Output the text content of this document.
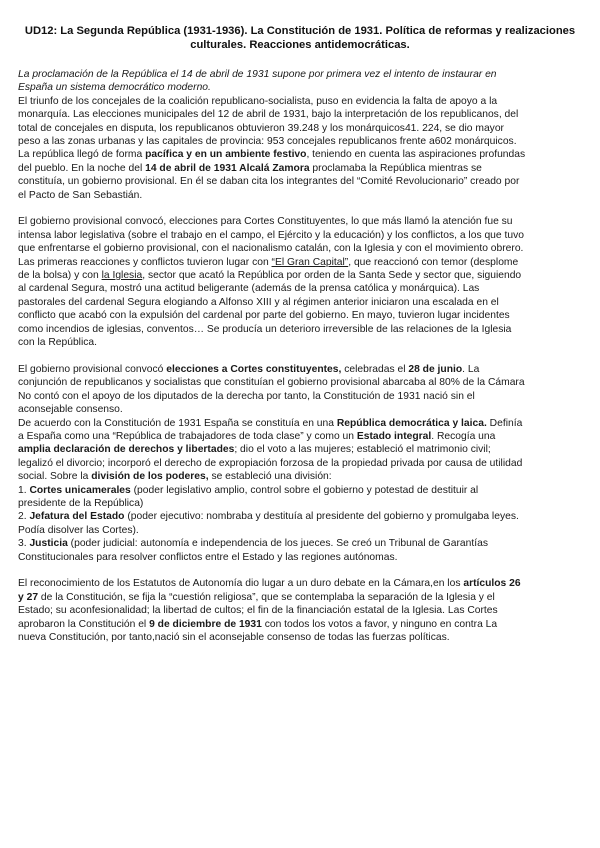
UD12: La Segunda República (1931-1936). La Constitución de 1931. Política de reformas y realizaciones culturales. Reacciones antidemocráticas.

La proclamación de la República el 14 de abril de 1931 supone por primera vez el intento de instaurar en España un sistema democrático moderno.

El triunfo de los concejales de la coalición republicano-socialista, puso en evidencia la falta de apoyo a la monarquía. Las elecciones municipales del 12 de abril de 1931, bajo la interpretación de los republicanos, del total de concejales en disputa, los republicanos obtuvieron 39.248 y los monárquicos41. 224, se dio mayor peso a las zonas urbanas y las capitales de provincia: 953 concejales republicanos frente a602 monárquicos.

La república llegó de forma pacífica y en un ambiente festivo, teniendo en cuenta las aspiraciones profundas del pueblo. En la noche del 14 de abril de 1931 Alcalá Zamora proclamaba la República mientras se constituía, un gobierno provisional. En él se daban cita los integrantes del “Comité Revolucionario” creado por el Pacto de San Sebastián.

El gobierno provisional convocó, elecciones para Cortes Constituyentes, lo que más llamó la atención fue su intensa labor legislativa (sobre el trabajo en el campo, el Ejército y la educación) y los conflictos, a los que tuvo que enfrentarse el gobierno provisional, con el nacionalismo catalán, con la Iglesia y con el movimiento obrero.

Las primeras reacciones y conflictos tuvieron lugar con “El Gran Capital”, que reaccionó con temor (desplome de la bolsa) y con la Iglesia, sector que acató la República por orden de la Santa Sede y sector que, siguiendo al cardenal Segura, mostró una actitud beligerante (además de la prensa católica y monárquica). Las pastorales del cardenal Segura elogiando a Alfonso XIII y al régimen anterior iniciaron una escalada en el conflicto que acabó con la expulsión del cardenal por parte del gobierno. En mayo, tuvieron lugar incidentes como incendios de iglesias, conventos… Se producía un deterioro irreversible de las relaciones de la Iglesia con la República.

El gobierno provisional convocó elecciones a Cortes constituyentes, celebradas el 28 de junio. La conjunción de republicanos y socialistas que constituían el gobierno provisional abarcaba al 80% de la Cámara No contó con el apoyo de los diputados de la derecha por tanto, la Constitución de 1931 nació sin el aconsejable consenso.

De acuerdo con la Constitución de 1931 España se constituía en una República democrática y laica. Definía a España como una “República de trabajadores de toda clase” y como un Estado integral. Recogía una amplia declaración de derechos y libertades; dio el voto a las mujeres; estableció el matrimonio civil; legalizó el divorcio; incorporó el derecho de expropiación forzosa de la propiedad privada por causa de utilidad social. Sobre la división de los poderes, se estableció una división:

1. Cortes unicamerales (poder legislativo amplio, control sobre el gobierno y potestad de destituir al presidente de la República)

2. Jefatura del Estado (poder ejecutivo: nombraba y destituía al presidente del gobierno y promulgaba leyes. Podía disolver las Cortes).

3. Justicia (poder judicial: autonomía e independencia de los jueces. Se creó un Tribunal de Garantías Constitucionales para resolver conflictos entre el Estado y las regiones autónomas.

El reconocimiento de los Estatutos de Autonomía dio lugar a un duro debate en la Cámara,en los artículos 26 y 27 de la Constitución, se fija la “cuestión religiosa”, que se contemplaba la separación de la Iglesia y el Estado; su aconfesionalidad; la libertad de cultos; el fin de la financiación estatal de la Iglesia. Las Cortes aprobaron la Constitución el 9 de diciembre de 1931 con todos los votos a favor, y ninguno en contra La nueva Constitución, por tanto,nació sin el aconsejable consenso de todas las fuerzas políticas.
